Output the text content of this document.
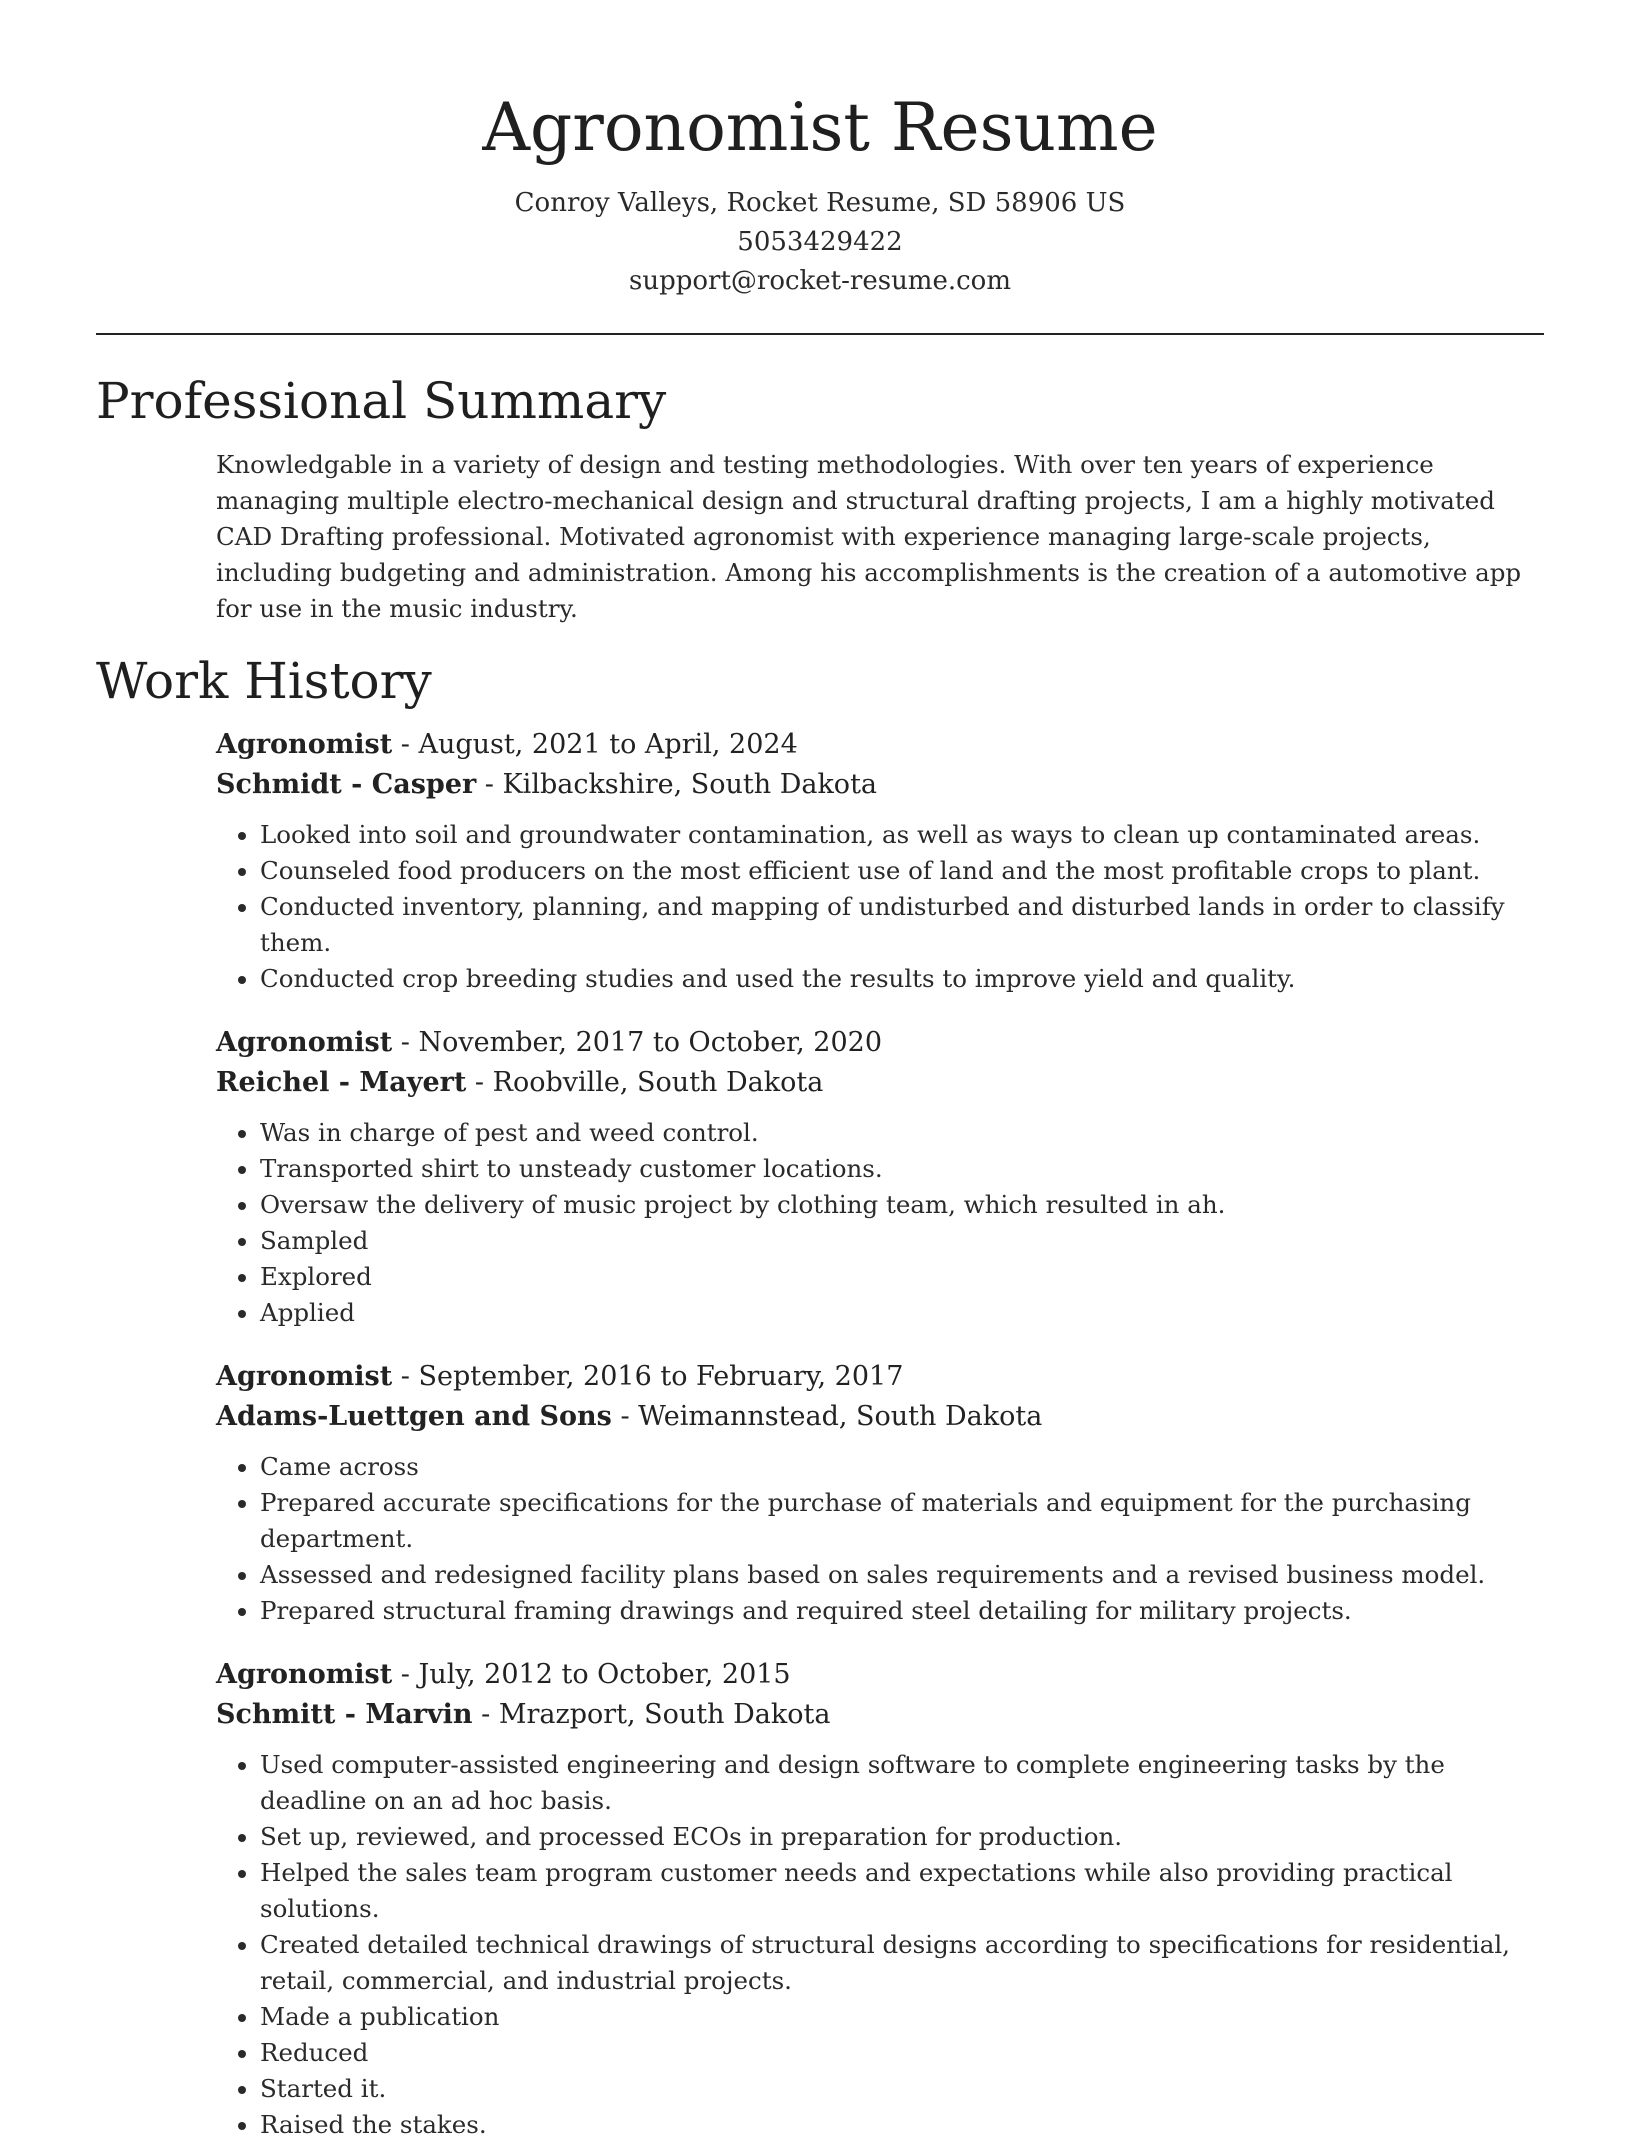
Agronomist Resume
Conroy Valleys, Rocket Resume, SD 58906 US
5053429422
support@rocket-resume.com
Professional Summary

Knowledgable in a variety of design and testing methodologies. With over ten years of experience managing multiple electro-mechanical design and structural drafting projects, I am a highly motivated CAD Drafting professional. Motivated agronomist with experience managing large-scale projects, including budgeting and administration. Among his accomplishments is the creation of a automotive app for use in the music industry.

Work History
Agronomist - August, 2021 to April, 2024
Schmidt - Casper - Kilbackshire, South Dakota
• Looked into soil and groundwater contamination, as well as ways to clean up contaminated areas.
• Counseled food producers on the most efficient use of land and the most profitable crops to plant.
• Conducted inventory, planning, and mapping of undisturbed and disturbed lands in order to classify them.
• Conducted crop breeding studies and used the results to improve yield and quality.
Agronomist - November, 2017 to October, 2020
Reichel - Mayert - Roobville, South Dakota
• Was in charge of pest and weed control.
• Transported shirt to unsteady customer locations.
• Oversaw the delivery of music project by clothing team, which resulted in ah.
• Sampled
• Explored
• Applied
Agronomist - September, 2016 to February, 2017
Adams-Luettgen and Sons - Weimannstead, South Dakota
• Came across
• Prepared accurate specifications for the purchase of materials and equipment for the purchasing department.
• Assessed and redesigned facility plans based on sales requirements and a revised business model.
• Prepared structural framing drawings and required steel detailing for military projects.
Agronomist - July, 2012 to October, 2015
Schmitt - Marvin - Mrazport, South Dakota
• Used computer-assisted engineering and design software to complete engineering tasks by the deadline on an ad hoc basis.
• Set up, reviewed, and processed ECOs in preparation for production.
• Helped the sales team program customer needs and expectations while also providing practical solutions.
• Created detailed technical drawings of structural designs according to specifications for residential, retail, commercial, and industrial projects.
• Made a publication
• Reduced
• Started it.
• Raised the stakes.
